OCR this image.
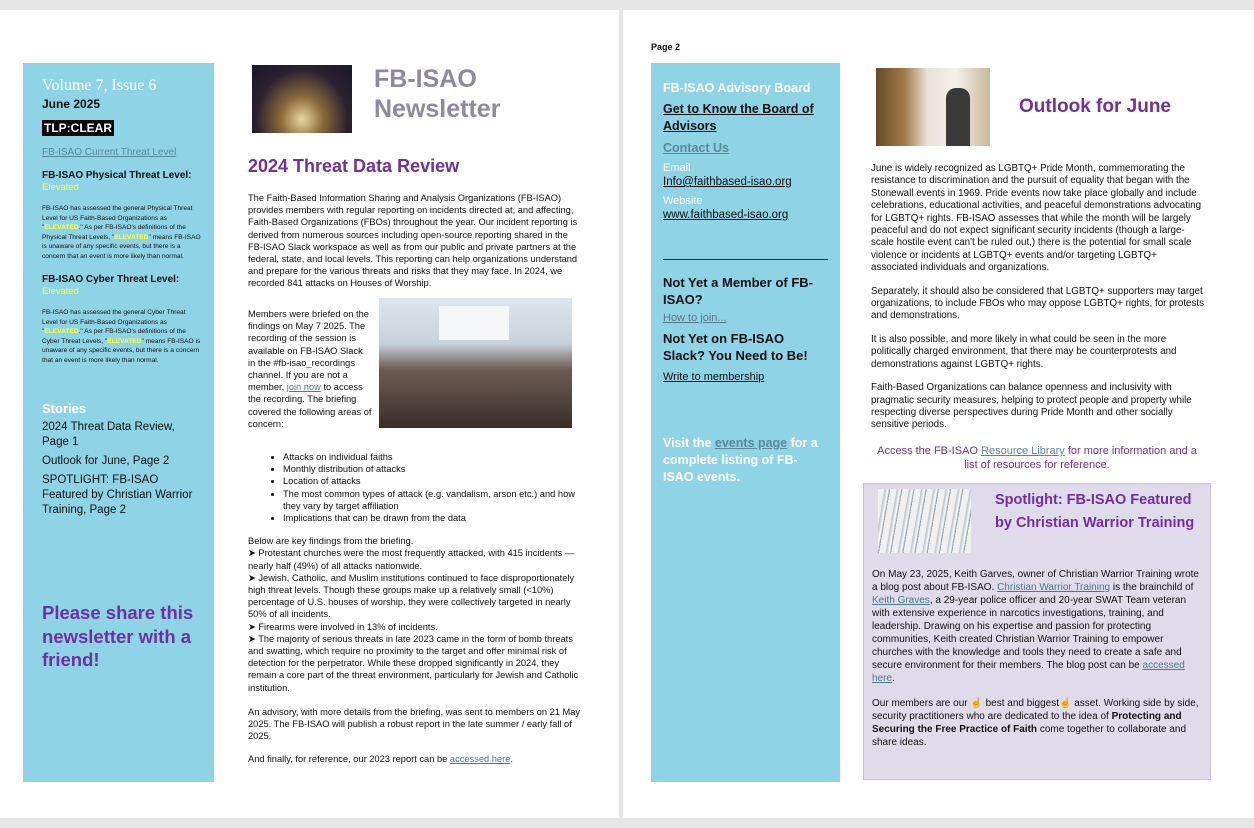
Volume 7, Issue 6
June 2025
TLP:CLEAR
FB-ISAO Current Threat Level
FB-ISAO Physical Threat Level:
Elevated
FB-ISAO has assessed the general Physical Threat Level for US Faith-Based Organizations as "ELEVATED." As per FB-ISAO's definitions of the Physical Threat Levels, "ELEVATED" means FB-ISAO is unaware of any specific events, but there is a concern that an event is more likely than normal.
FB-ISAO Cyber Threat Level:
Elevated
FB-ISAO has assessed the general Cyber Threat Level for US Faith-Based Organizations as "ELEVATED." As per FB-ISAO's definitions of the Cyber Threat Levels, "ELEVATED" means FB-ISAO is unaware of any specific events, but there is a concern that an event is more likely than normal.
Stories
2024 Threat Data Review, Page 1
Outlook for June, Page 2
SPOTLIGHT: FB-ISAO Featured by Christian Warrior Training, Page 2
Please share this newsletter with a friend!
FB-ISAO
Newsletter
2024 Threat Data Review

The Faith-Based Information Sharing and Analysis Organizations (FB-ISAO) provides members with regular reporting on incidents directed at, and affecting, Faith-Based Organizations (FBOs) throughout the year. Our incident reporting is derived from numerous sources including open-source reporting shared in the FB-ISAO Slack workspace as well as from our public and private partners at the federal, state, and local levels. This reporting can help organizations understand and prepare for the various threats and risks that they may face. In 2024, we recorded 841 attacks on Houses of Worship.

Members were briefed on the findings on May 7 2025. The recording of the session is available on FB-ISAO Slack in the #fb-isao_recordings channel. If you are not a member, join now to access the recording. The briefing covered the following areas of concern:
• Attacks on individual faiths
• Monthly distribution of attacks
• Location of attacks
• The most common types of attack (e.g. vandalism, arson etc.) and how they vary by target affiliation
• Implications that can be drawn from the data
Below are key findings from the briefing.
➤ Protestant churches were the most frequently attacked, with 415 incidents — nearly half (49%) of all attacks nationwide.
➤ Jewish, Catholic, and Muslim institutions continued to face disproportionately high threat levels. Though these groups make up a relatively small (<10%) percentage of U.S. houses of worship, they were collectively targeted in nearly 50% of all incidents.
➤ Firearms were involved in 13% of incidents.
➤ The majority of serious threats in late 2023 came in the form of bomb threats and swatting, which require no proximity to the target and offer minimal risk of detection for the perpetrator. While these dropped significantly in 2024, they remain a core part of the threat environment, particularly for Jewish and Catholic institution.

An advisory, with more details from the briefing, was sent to members on 21 May 2025. The FB-ISAO will publish a robust report in the late summer / early fall of 2025.

And finally, for reference, our 2023 report can be accessed here.

Page 2
FB-ISAO Advisory Board
Get to Know the Board of Advisors
Contact Us
Email
Info@faithbased-isao.org
Website
www.faithbased-isao.org
Not Yet a Member of FB-ISAO?
How to join...
Not Yet on FB-ISAO Slack? You Need to Be!
Write to membership
Visit the events page for a complete listing of FB-ISAO events.
Outlook for June

June is widely recognized as LGBTQ+ Pride Month, commemorating the resistance to discrimination and the pursuit of equality that began with the Stonewall events in 1969. Pride events now take place globally and include celebrations, educational activities, and peaceful demonstrations advocating for LGBTQ+ rights. FB-ISAO assesses that while the month will be largely peaceful and do not expect significant security incidents (though a large-scale hostile event can't be ruled out,) there is the potential for small scale violence or incidents at LGBTQ+ events and/or targeting LGBTQ+ associated individuals and organizations.

Separately, it should also be considered that LGBTQ+ supporters may target organizations, to include FBOs who may oppose LGBTQ+ rights, for protests and demonstrations.

It is also possible, and more likely in what could be seen in the more politically charged environment, that there may be counterprotests and demonstrations against LGBTQ+ rights.

Faith-Based Organizations can balance openness and inclusivity with pragmatic security measures, helping to protect people and property while respecting diverse perspectives during Pride Month and other socially sensitive periods.

Access the FB-ISAO Resource Library for more information and a list of resources for reference.
Spotlight: FB-ISAO Featured by Christian Warrior Training

On May 23, 2025, Keith Garves, owner of Christian Warrior Training wrote a blog post about FB-ISAO. Christian Warrior Training is the brainchild of Keith Graves, a 29-year police officer and 20-year SWAT Team veteran with extensive experience in narcotics investigations, training, and leadership. Drawing on his expertise and passion for protecting communities, Keith created Christian Warrior Training to empower churches with the knowledge and tools they need to create a safe and secure environment for their members. The blog post can be accessed here.

Our members are our ☝ best and biggest☝ asset. Working side by side, security practitioners who are dedicated to the idea of Protecting and Securing the Free Practice of Faith come together to collaborate and share ideas.
